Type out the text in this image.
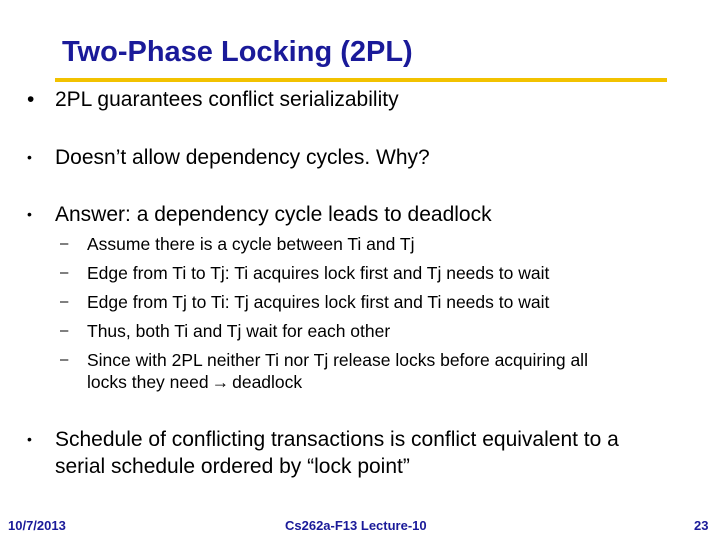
Two-Phase Locking (2PL)
• 2PL guarantees conflict serializability
•	Doesn’t allow dependency cycles. Why?
•	Answer: a dependency cycle leads to deadlock
– Assume there is a cycle between Ti and Tj
– Edge from Ti to Tj: Ti acquires lock first and Tj needs to wait
– Edge from Tj to Ti: Tj acquires lock first and Ti needs to wait
– Thus, both Ti and Tj wait for each other
– Since with 2PL neither Ti nor Tj release locks before acquiring all
locks they need → deadlock
•	Schedule of conflicting transactions is conflict equivalent to a
serial schedule ordered by “lock point”
10/7/2013	Cs262a-F13 Lecture-10	23
